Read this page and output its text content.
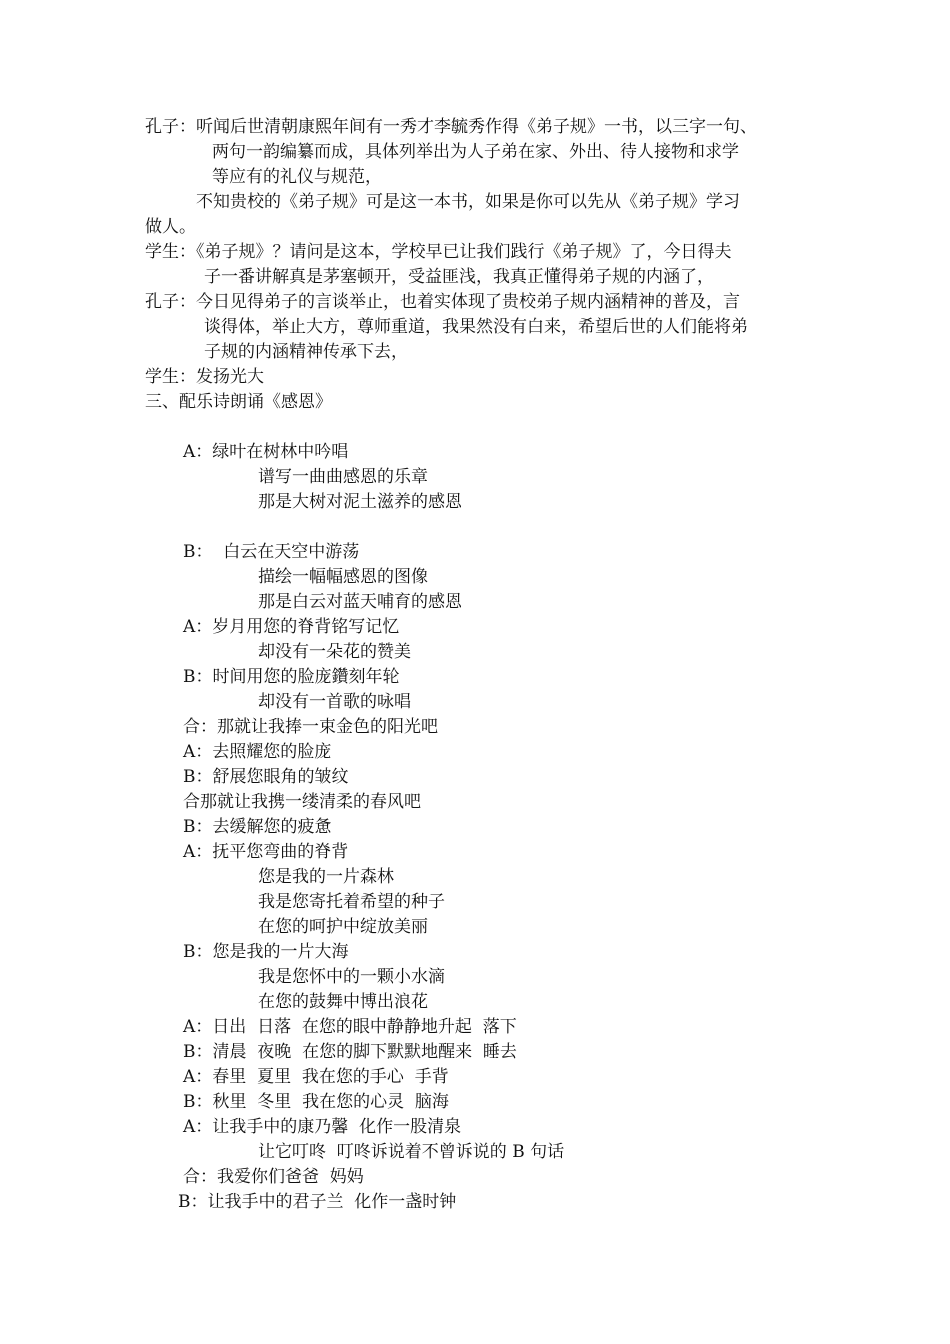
孔子：听闻后世清朝康熙年间有一秀才李毓秀作得《弟子规》一书，以三字一句、
两句一韵编纂而成，具体列举出为人子弟在家、外出、待人接物和求学
等应有的礼仪与规范，
不知贵校的《弟子规》可是这一本书，如果是你可以先从《弟子规》学习
做人。
学生：《弟子规》？请问是这本，学校早已让我们践行《弟子规》了，今日得夫
子一番讲解真是茅塞顿开，受益匪浅，我真正懂得弟子规的内涵了，
孔子：今日见得弟子的言谈举止，也着实体现了贵校弟子规内涵精神的普及，言
谈得体，举止大方，尊师重道，我果然没有白来，希望后世的人们能将弟
子规的内涵精神传承下去，
学生：发扬光大
三、配乐诗朗诵《感恩》
A：绿叶在树林中吟唱
谱写一曲曲感恩的乐章
那是大树对泥土滋养的感恩
B：  白云在天空中游荡
描绘一幅幅感恩的图像
那是白云对蓝天哺育的感恩
A：岁月用您的脊背铭写记忆
却没有一朵花的赞美
B：时间用您的脸庞鑽刻年轮
却没有一首歌的咏唱
合：那就让我捧一束金色的阳光吧
A：去照耀您的脸庞
B：舒展您眼角的皱纹
合那就让我携一缕清柔的春风吧
B：去缓解您的疲惫
A：抚平您弯曲的脊背
您是我的一片森林
我是您寄托着希望的种子
在您的呵护中绽放美丽
B：您是我的一片大海
我是您怀中的一颗小水滴
在您的鼓舞中博出浪花
A：日出  日落  在您的眼中静静地升起  落下
B：清晨  夜晚  在您的脚下默默地醒来  睡去
A：春里  夏里  我在您的手心  手背
B：秋里  冬里  我在您的心灵  脑海
A：让我手中的康乃馨  化作一股清泉
让它叮咚  叮咚诉说着不曾诉说的 B 句话
合：我爱你们爸爸  妈妈
B：让我手中的君子兰  化作一盏时钟
